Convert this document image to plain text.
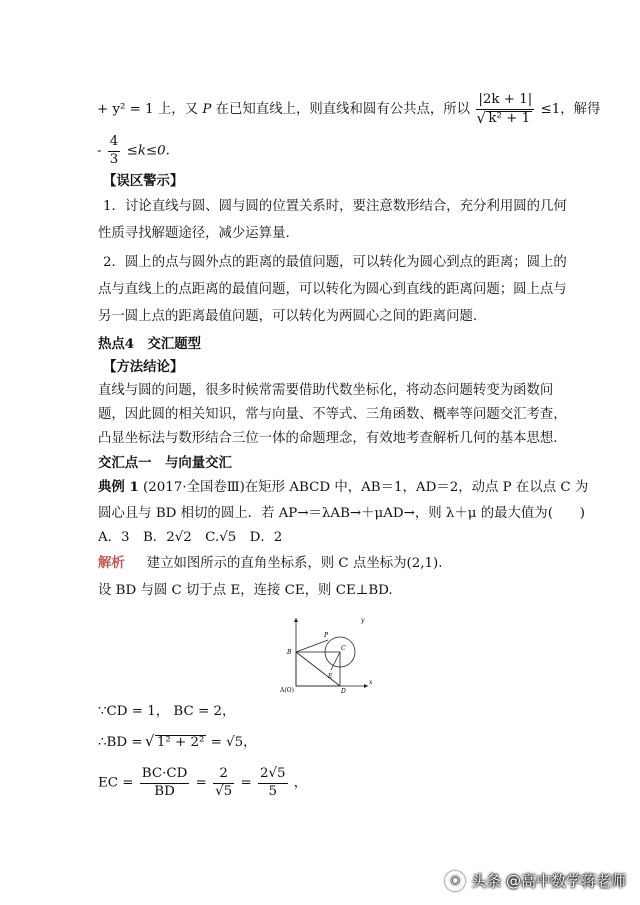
+ y² = 1 上，又 P 在已知直线上，则直线和圆有公共点，所以 |2k + 1|
√ k² + 1 ≤1，解得
- $\frac{4}{3} \le k\le 0$.
【误区警示】
1．讨论直线与圆、圆与圆的位置关系时，要注意数形结合，充分利用圆的几何
性质寻找解题途径，减少运算量.
2．圆上的点与圆外点的距离的最值问题，可以转化为圆心到点的距离；圆上的
点与直线上的点距离的最值问题，可以转化为圆心到直线的距离问题；圆上点与
另一圆上点的距离最值问题，可以转化为两圆心之间的距离问题.
热点4　交汇题型
【方法结论】
直线与圆的问题，很多时候常需要借助代数坐标化，将动态问题转变为函数问
题，因此圆的相关知识，常与向量、不等式、三角函数、概率等问题交汇考查，
凸显坐标法与数形结合三位一体的命题理念，有效地考查解析几何的基本思想.
交汇点一　与向量交汇
典例 1 (2017·全国卷Ⅲ)在矩形 ABCD 中，AB＝1，AD＝2，动点 P 在以点 C 为
圆心且与 BD 相切的圆上．若 AP→＝λAB→＋μAD→，则 λ＋μ 的最大值为(　　)
A．3　B．2√2　C.√5　D．2
解析 　 建立如图所示的直角坐标系，则 C 点坐标为(2,1).
设 BD 与圆 C 切于点 E，连接 CE，则 CE⊥BD.
y
x
A(O)
B
P
C
E
D
∵CD = 1， BC = 2，
∴BD = √ 1² + 2² = √5，
EC = $\frac{BC\cdot CD}{BD} = \frac{2}{√5} = \frac{2√5}{5}$ ，
◉ 头条 @高中数学蒋老师
